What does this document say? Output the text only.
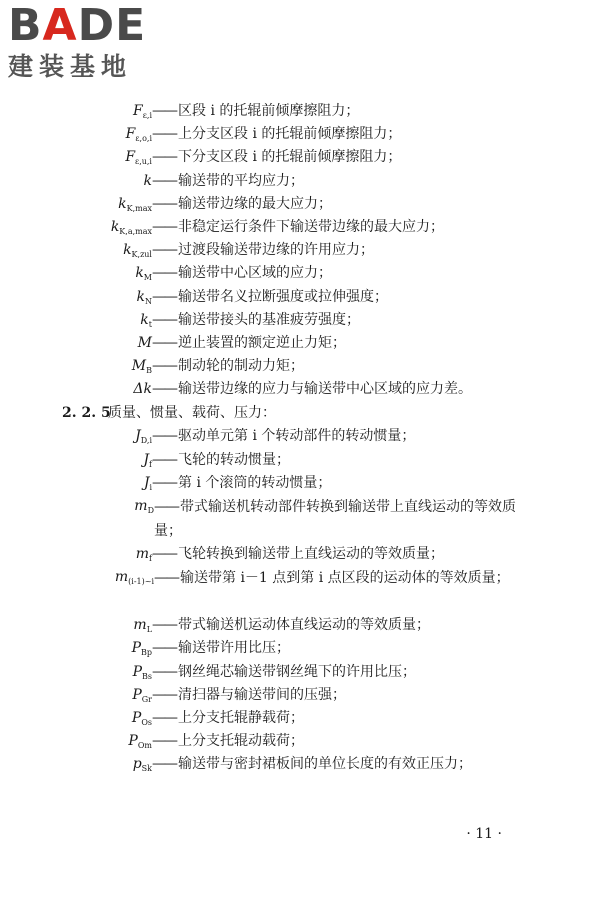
BADE
建装基地
$F_{\varepsilon,i}$	—— 区段 i 的托辊前倾摩擦阻力；
$F_{\varepsilon,o,i}$	—— 上分支区段 i 的托辊前倾摩擦阻力；
$F_{\varepsilon,u,i}$	—— 下分支区段 i 的托辊前倾摩擦阻力；
k	—— 输送带的平均应力；
$k_{K,max}$	—— 输送带边缘的最大应力；
$k_{K,a,max}$	—— 非稳定运行条件下输送带边缘的最大应力；
$k_{K,zul}$	—— 过渡段输送带边缘的许用应力；
$k_M$	—— 输送带中心区域的应力；
$k_N$	—— 输送带名义拉断强度或拉伸强度；
$k_t$	—— 输送带接头的基准疲劳强度；
M	—— 逆止装置的额定逆止力矩；
$M_B$	—— 制动轮的制动力矩；
Δk	—— 输送带边缘的应力与输送带中心区域的应力差。
2. 2. 5
质量、惯量、载荷、压力：
$J_{D,i}$	—— 驱动单元第 i 个转动部件的转动惯量；
$J_f$	—— 飞轮的转动惯量；
$J_i$	—— 第 i 个滚筒的转动惯量；
$m_D$	—— 带式输送机转动部件转换到输送带上直线运动的等效质量；
$m_f$	—— 飞轮转换到输送带上直线运动的等效质量；
$m_{(i-1)\sim i}$	—— 输送带第 i－1 点到第 i 点区段的运动体的等效质量；
$m_L$	—— 带式输送机运动体直线运动的等效质量；
$P_{Bp}$	—— 输送带许用比压；
$P_{Bs}$	—— 钢丝绳芯输送带钢丝绳下的许用比压；
$P_{Gr}$	—— 清扫器与输送带间的压强；
$P_{Os}$	—— 上分支托辊静载荷；
$P_{Om}$	—— 上分支托辊动载荷；
$p_{Sk}$	—— 输送带与密封裙板间的单位长度的有效正压力；
· 11 ·
